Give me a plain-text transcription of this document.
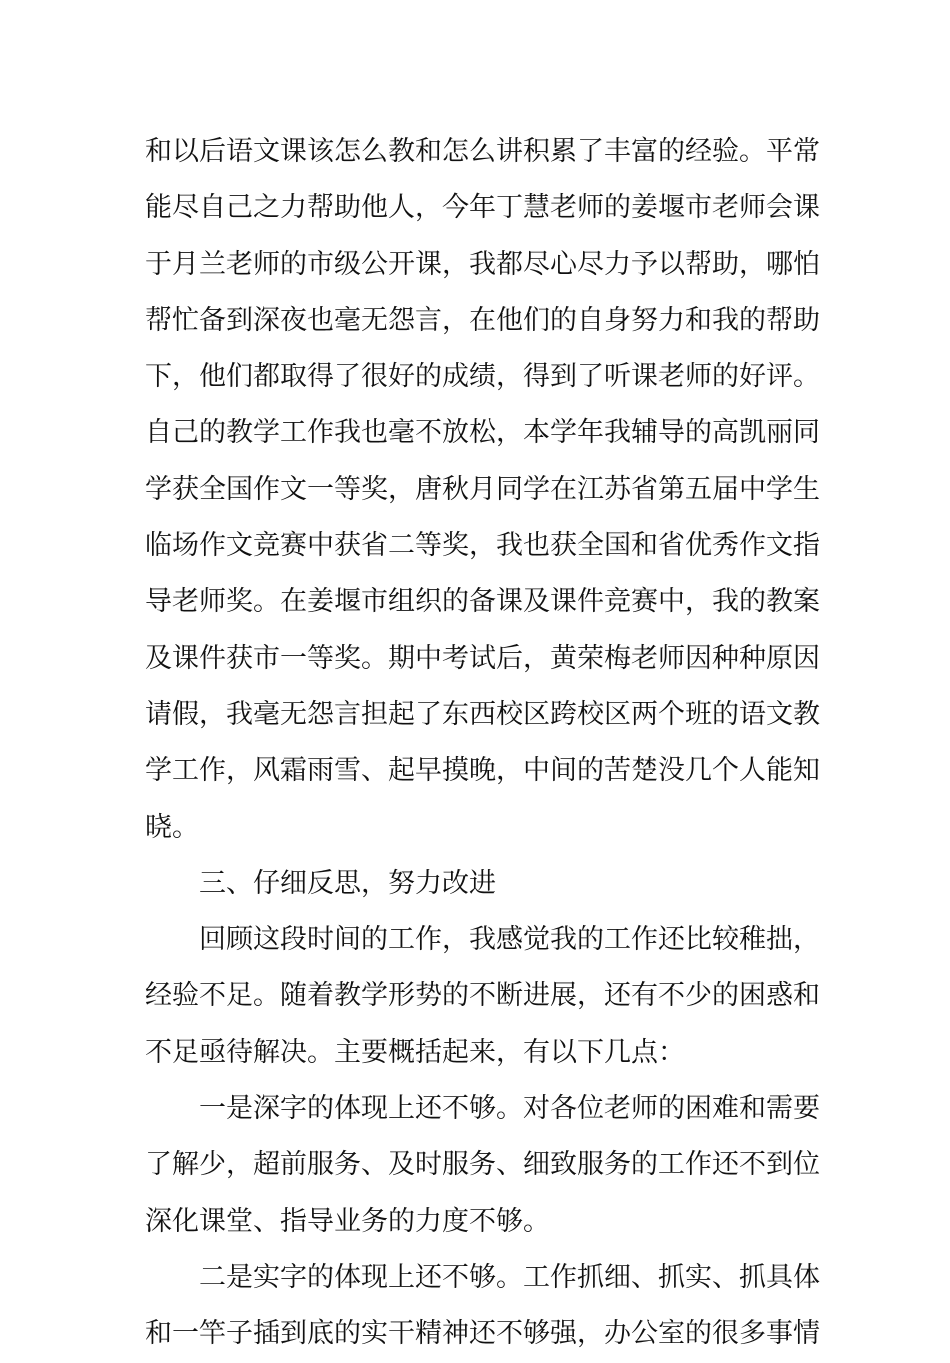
和以后语文课该怎么教和怎么讲积累了丰富的经验。平常
能尽自己之力帮助他人，今年丁慧老师的姜堰市老师会课
于月兰老师的市级公开课，我都尽心尽力予以帮助，哪怕
帮忙备到深夜也毫无怨言，在他们的自身努力和我的帮助
下，他们都取得了很好的成绩，得到了听课老师的好评。
自己的教学工作我也毫不放松，本学年我辅导的高凯丽同
学获全国作文一等奖，唐秋月同学在江苏省第五届中学生
临场作文竞赛中获省二等奖，我也获全国和省优秀作文指
导老师奖。在姜堰市组织的备课及课件竞赛中，我的教案
及课件获市一等奖。期中考试后，黄荣梅老师因种种原因
请假，我毫无怨言担起了东西校区跨校区两个班的语文教
学工作，风霜雨雪、起早摸晚，中间的苦楚没几个人能知
晓。
三、仔细反思，努力改进
回顾这段时间的工作，我感觉我的工作还比较稚拙，
经验不足。随着教学形势的不断进展，还有不少的困惑和
不足亟待解决。主要概括起来，有以下几点：
一是深字的体现上还不够。对各位老师的困难和需要
了解少，超前服务、及时服务、细致服务的工作还不到位
深化课堂、指导业务的力度不够。
二是实字的体现上还不够。工作抓细、抓实、抓具体
和一竿子插到底的实干精神还不够强，办公室的很多事情
